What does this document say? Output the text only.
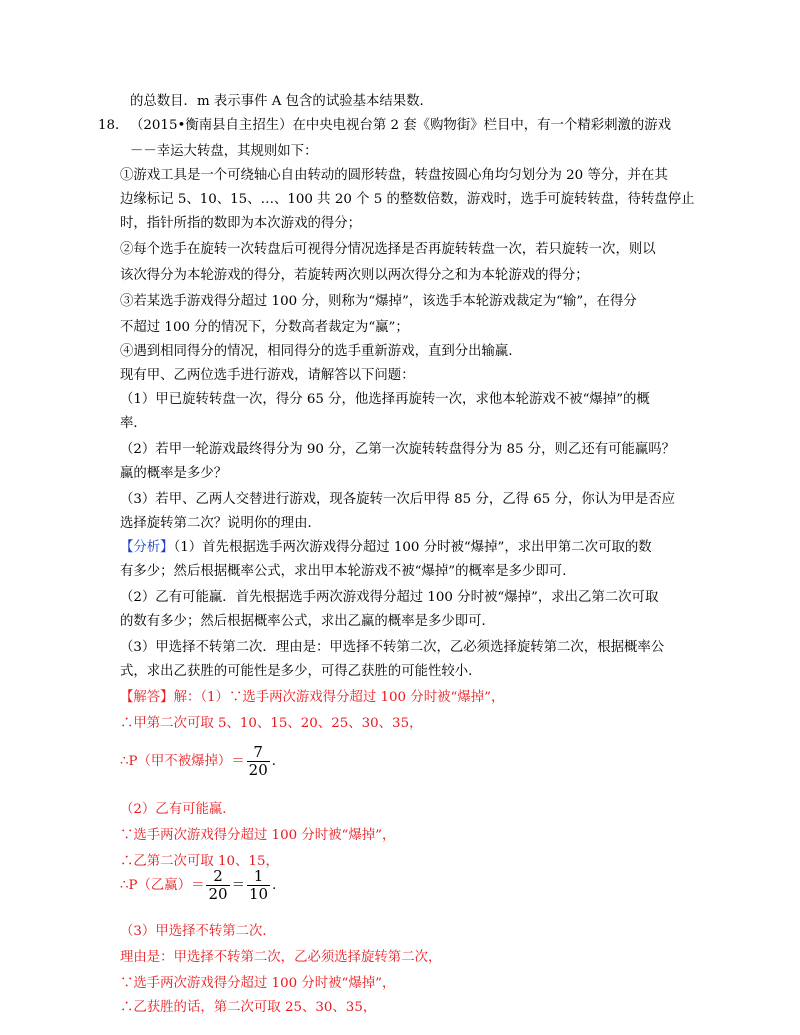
的总数目．m 表示事件 A 包含的试验基本结果数．
18． （2015•衡南县自主招生）在中央电视台第 2 套《购物街》栏目中，有一个精彩刺激的游戏
－－幸运大转盘，其规则如下：
①游戏工具是一个可绕轴心自由转动的圆形转盘，转盘按圆心角均匀划分为 20 等分，并在其
边缘标记 5、10、15、…、100 共 20 个 5 的整数倍数，游戏时，选手可旋转转盘，待转盘停止
时，指针所指的数即为本次游戏的得分；
②每个选手在旋转一次转盘后可视得分情况选择是否再旋转转盘一次，若只旋转一次，则以
该次得分为本轮游戏的得分，若旋转两次则以两次得分之和为本轮游戏的得分；
③若某选手游戏得分超过 100 分，则称为“爆掉”，该选手本轮游戏裁定为“输”，在得分
不超过 100 分的情况下，分数高者裁定为“赢”；
④遇到相同得分的情况，相同得分的选手重新游戏，直到分出输赢．
现有甲、乙两位选手进行游戏，请解答以下问题：
（1）甲已旋转转盘一次，得分 65 分，他选择再旋转一次，求他本轮游戏不被“爆掉”的概
率．
（2）若甲一轮游戏最终得分为 90 分，乙第一次旋转转盘得分为 85 分，则乙还有可能赢吗？
赢的概率是多少？
（3）若甲、乙两人交替进行游戏，现各旋转一次后甲得 85 分，乙得 65 分，你认为甲是否应
选择旋转第二次？说明你的理由．
【分析】（1）首先根据选手两次游戏得分超过 100 分时被“爆掉”，求出甲第二次可取的数
有多少；然后根据概率公式，求出甲本轮游戏不被“爆掉”的概率是多少即可．
（2）乙有可能赢．首先根据选手两次游戏得分超过 100 分时被“爆掉”，求出乙第二次可取
的数有多少；然后根据概率公式，求出乙赢的概率是多少即可．
（3）甲选择不转第二次．理由是：甲选择不转第二次，乙必须选择旋转第二次，根据概率公
式，求出乙获胜的可能性是多少，可得乙获胜的可能性较小．
【解答】解：（1）∵选手两次游戏得分超过 100 分时被“爆掉”，
∴甲第二次可取 5、10、15、20、25、30、35，
∴P（甲不被爆掉）＝ $\frac{7}{20}$ ．
（2）乙有可能赢．
∵选手两次游戏得分超过 100 分时被“爆掉”，
∴乙第二次可取 10、15，
∴P（乙赢）＝ $\frac{2}{20} = \frac{1}{10}$ ．
（3）甲选择不转第二次．
理由是：甲选择不转第二次，乙必须选择旋转第二次，
∵选手两次游戏得分超过 100 分时被“爆掉”，
∴乙获胜的话，第二次可取 25、30、35，
